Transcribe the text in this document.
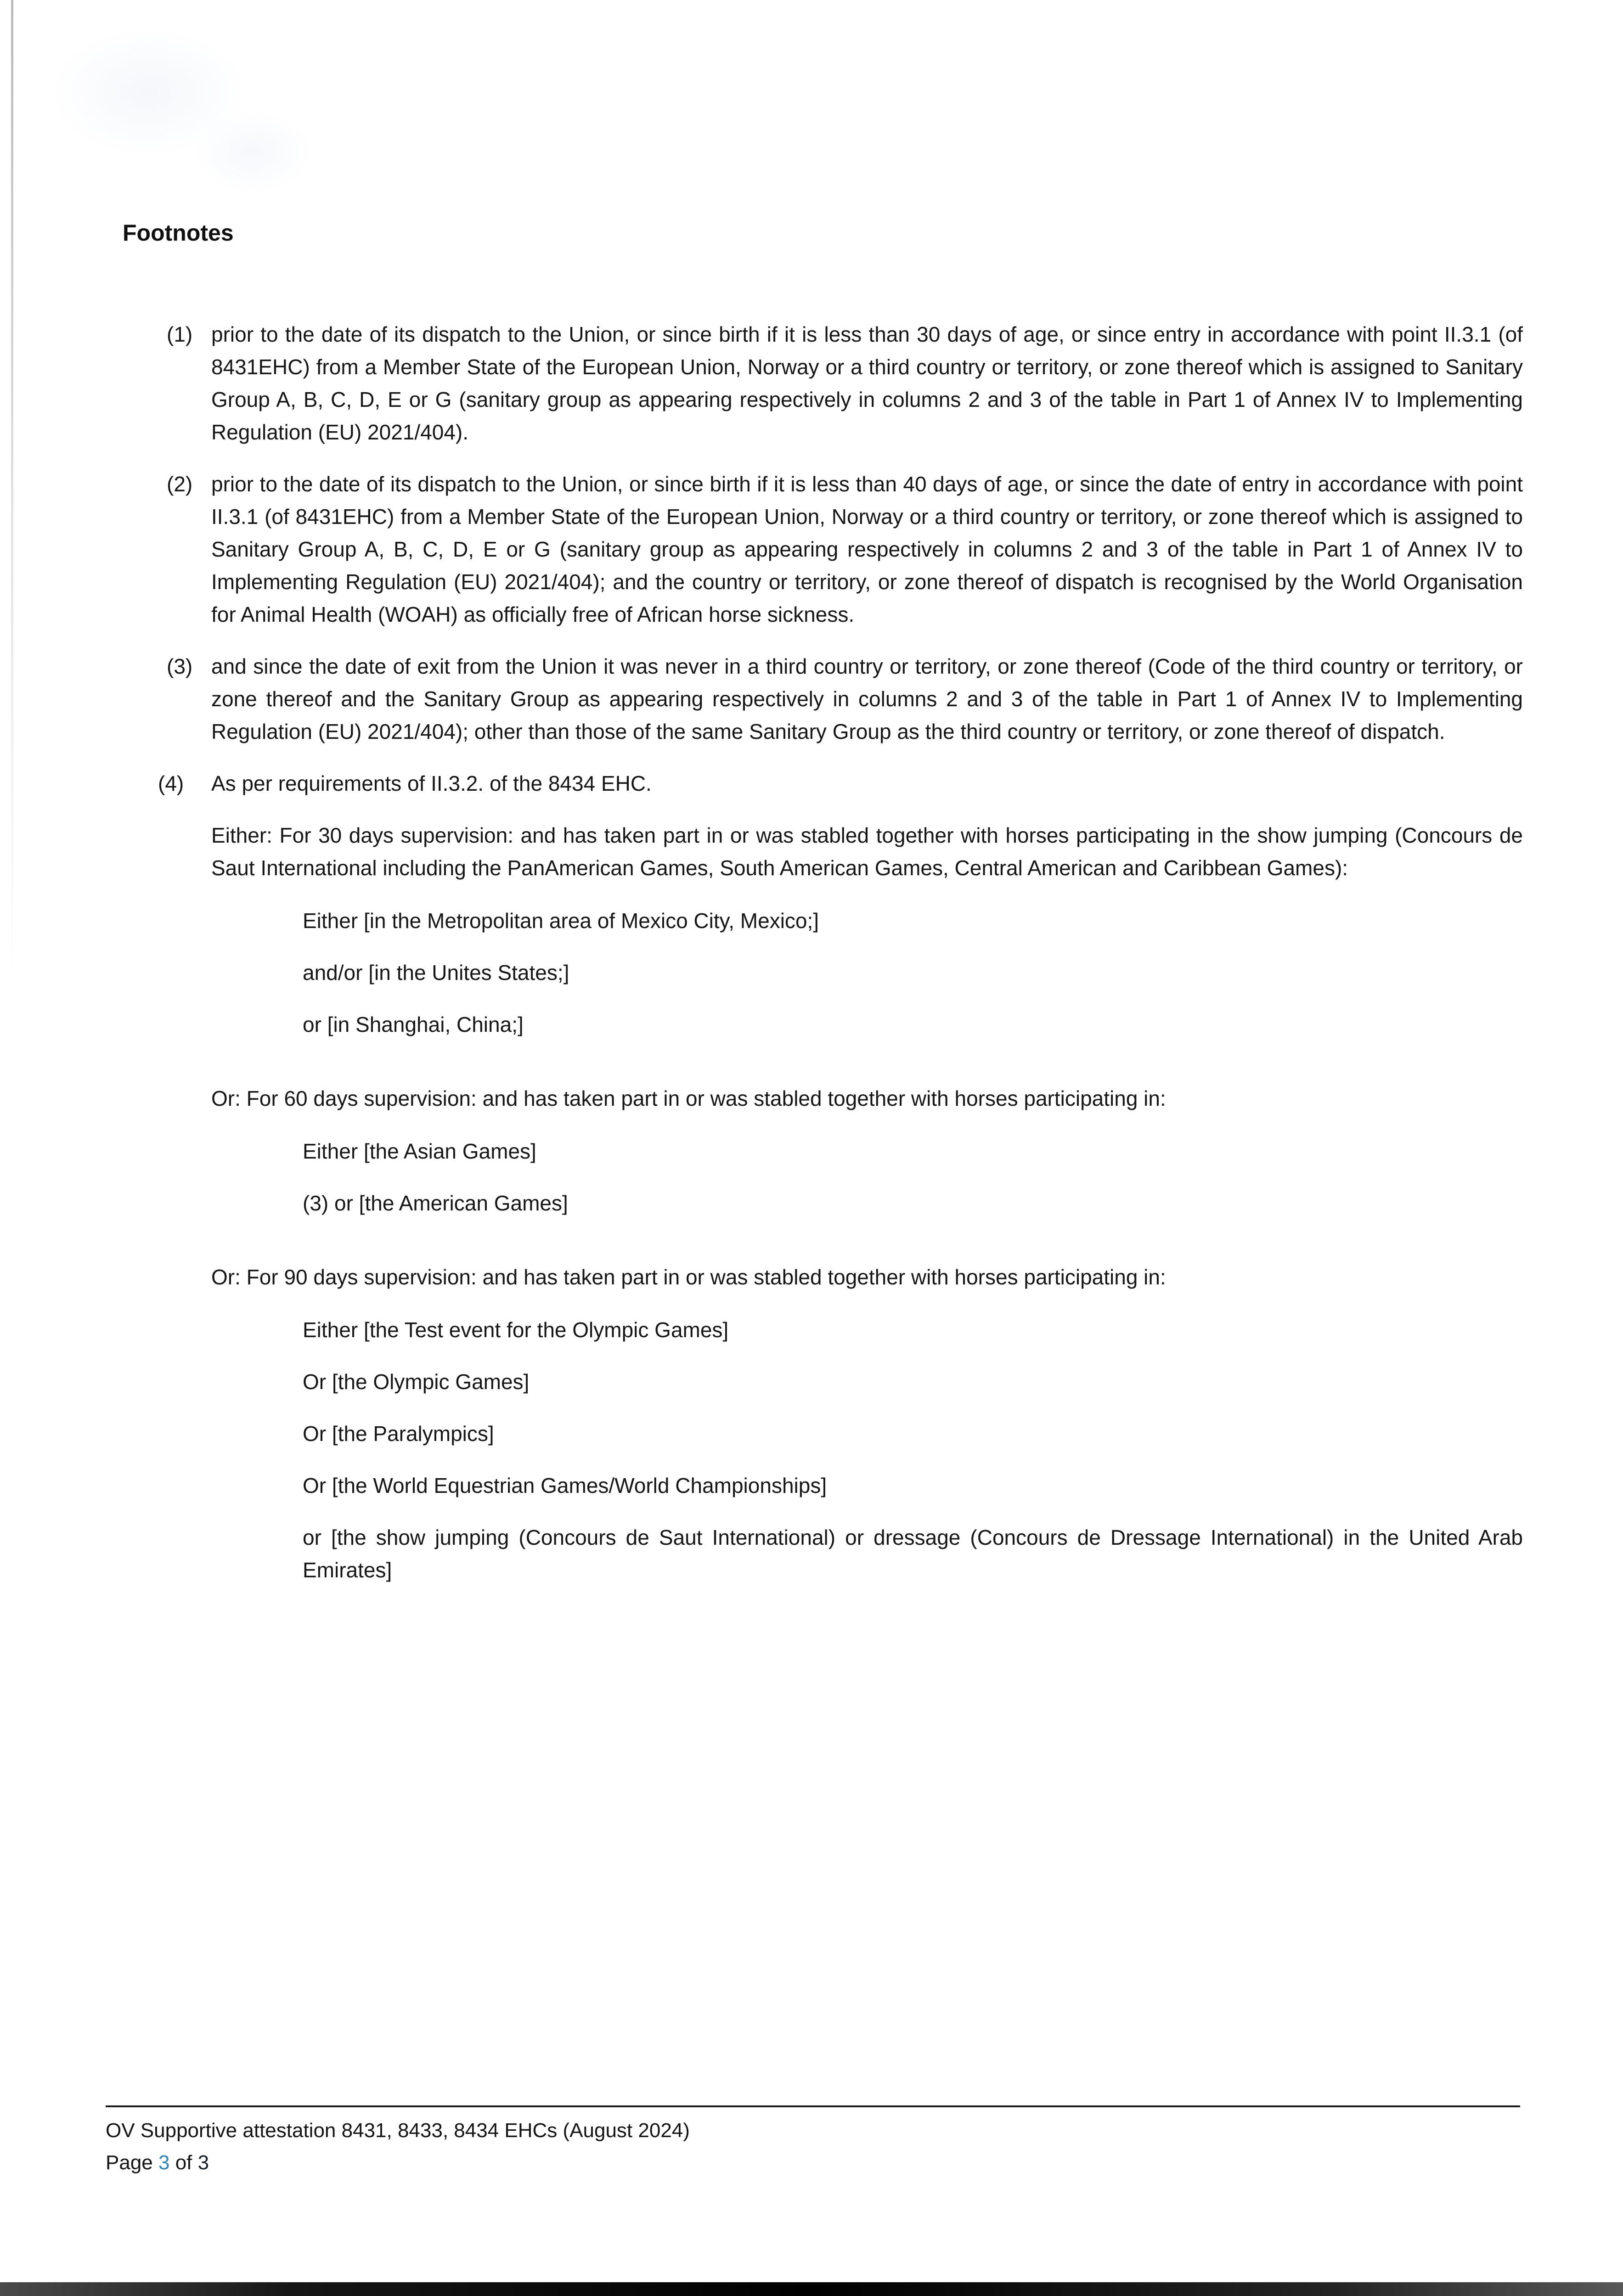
Footnotes
(1) prior to the date of its dispatch to the Union, or since birth if it is less than 30 days of age, or since entry in accordance with point II.3.1 (of 8431EHC) from a Member State of the European Union, Norway or a third country or territory, or zone thereof which is assigned to Sanitary Group A, B, C, D, E or G (sanitary group as appearing respectively in columns 2 and 3 of the table in Part 1 of Annex IV to Implementing Regulation (EU) 2021/404).
(2) prior to the date of its dispatch to the Union, or since birth if it is less than 40 days of age, or since the date of entry in accordance with point II.3.1 (of 8431EHC) from a Member State of the European Union, Norway or a third country or territory, or zone thereof which is assigned to Sanitary Group A, B, C, D, E or G (sanitary group as appearing respectively in columns 2 and 3 of the table in Part 1 of Annex IV to Implementing Regulation (EU) 2021/404); and the country or territory, or zone thereof of dispatch is recognised by the World Organisation for Animal Health (WOAH) as officially free of African horse sickness.
(3) and since the date of exit from the Union it was never in a third country or territory, or zone thereof (Code of the third country or territory, or zone thereof and the Sanitary Group as appearing respectively in columns 2 and 3 of the table in Part 1 of Annex IV to Implementing Regulation (EU) 2021/404); other than those of the same Sanitary Group as the third country or territory, or zone thereof of dispatch.
(4) As per requirements of II.3.2. of the 8434 EHC.

Either: For 30 days supervision: and has taken part in or was stabled together with horses participating in the show jumping (Concours de Saut International including the PanAmerican Games, South American Games, Central American and Caribbean Games):

Either [in the Metropolitan area of Mexico City, Mexico;]

and/or [in the Unites States;]

or [in Shanghai, China;]

Or: For 60 days supervision: and has taken part in or was stabled together with horses participating in:

Either [the Asian Games]

(3) or [the American Games]

Or: For 90 days supervision: and has taken part in or was stabled together with horses participating in:

Either [the Test event for the Olympic Games]

Or [the Olympic Games]

Or [the Paralympics]

Or [the World Equestrian Games/World Championships]

or [the show jumping (Concours de Saut International) or dressage (Concours de Dressage International) in the United Arab Emirates]

OV Supportive attestation 8431, 8433, 8434 EHCs (August 2024)
Page 3 of 3
